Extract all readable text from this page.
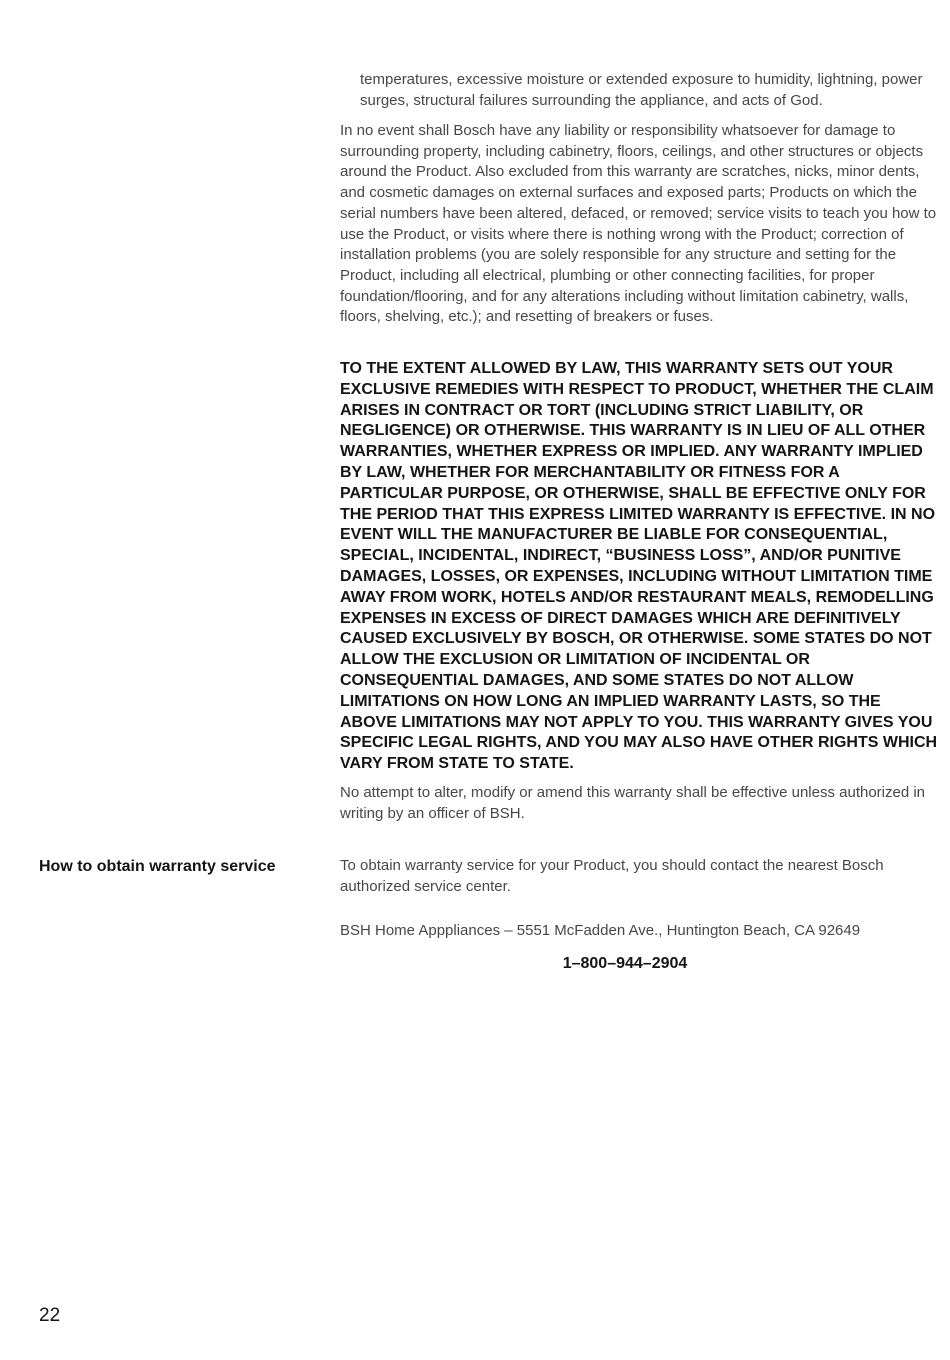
temperatures, excessive moisture or extended exposure to humidity, lightning, power surges, structural failures surrounding the appliance, and acts of God.

In no event shall Bosch have any liability or responsibility whatsoever for damage to surrounding property, including cabinetry, floors, ceilings, and other structures or objects around the Product. Also excluded from this warranty are scratches, nicks, minor dents, and cosmetic damages on external surfaces and exposed parts; Products on which the serial numbers have been altered, defaced, or removed; service visits to teach you how to use the Product, or visits where there is nothing wrong with the Product; correction of installation problems (you are solely responsible for any structure and setting for the Product, including all electrical, plumbing or other connecting facilities, for proper foundation/flooring, and for any alterations including without limitation cabinetry, walls, floors, shelving, etc.); and resetting of breakers or fuses.

TO THE EXTENT ALLOWED BY LAW, THIS WARRANTY SETS OUT YOUR EXCLUSIVE REMEDIES WITH RESPECT TO PRODUCT, WHETHER THE CLAIM ARISES IN CONTRACT OR TORT (INCLUDING STRICT LIABILITY, OR NEGLIGENCE) OR OTHERWISE. THIS WARRANTY IS IN LIEU OF ALL OTHER WARRANTIES, WHETHER EXPRESS OR IMPLIED. ANY WARRANTY IMPLIED BY LAW, WHETHER FOR MERCHANTABILITY OR FITNESS FOR A PARTICULAR PURPOSE, OR OTHERWISE, SHALL BE EFFECTIVE ONLY FOR THE PERIOD THAT THIS EXPRESS LIMITED WARRANTY IS EFFECTIVE. IN NO EVENT WILL THE MANUFACTURER BE LIABLE FOR CONSEQUENTIAL, SPECIAL, INCIDENTAL, INDIRECT, “BUSINESS LOSS”, AND/OR PUNITIVE DAMAGES, LOSSES, OR EXPENSES, INCLUDING WITHOUT LIMITATION TIME AWAY FROM WORK, HOTELS AND/OR RESTAURANT MEALS, REMODELLING EXPENSES IN EXCESS OF DIRECT DAMAGES WHICH ARE DEFINITIVELY CAUSED EXCLUSIVELY BY BOSCH, OR OTHERWISE. SOME STATES DO NOT ALLOW THE EXCLUSION OR LIMITATION OF INCIDENTAL OR CONSEQUENTIAL DAMAGES, AND SOME STATES DO NOT ALLOW LIMITATIONS ON HOW LONG AN IMPLIED WARRANTY LASTS, SO THE ABOVE LIMITATIONS MAY NOT APPLY TO YOU. THIS WARRANTY GIVES YOU SPECIFIC LEGAL RIGHTS, AND YOU MAY ALSO HAVE OTHER RIGHTS WHICH VARY FROM STATE TO STATE.

No attempt to alter, modify or amend this warranty shall be effective unless authorized in writing by an officer of BSH.

How to obtain warranty service	To obtain warranty service for your Product, you should contact the nearest Bosch authorized service center.

BSH Home Apppliances – 5551 McFadden Ave., Huntington Beach, CA 92649

1–800–944–2904

22
